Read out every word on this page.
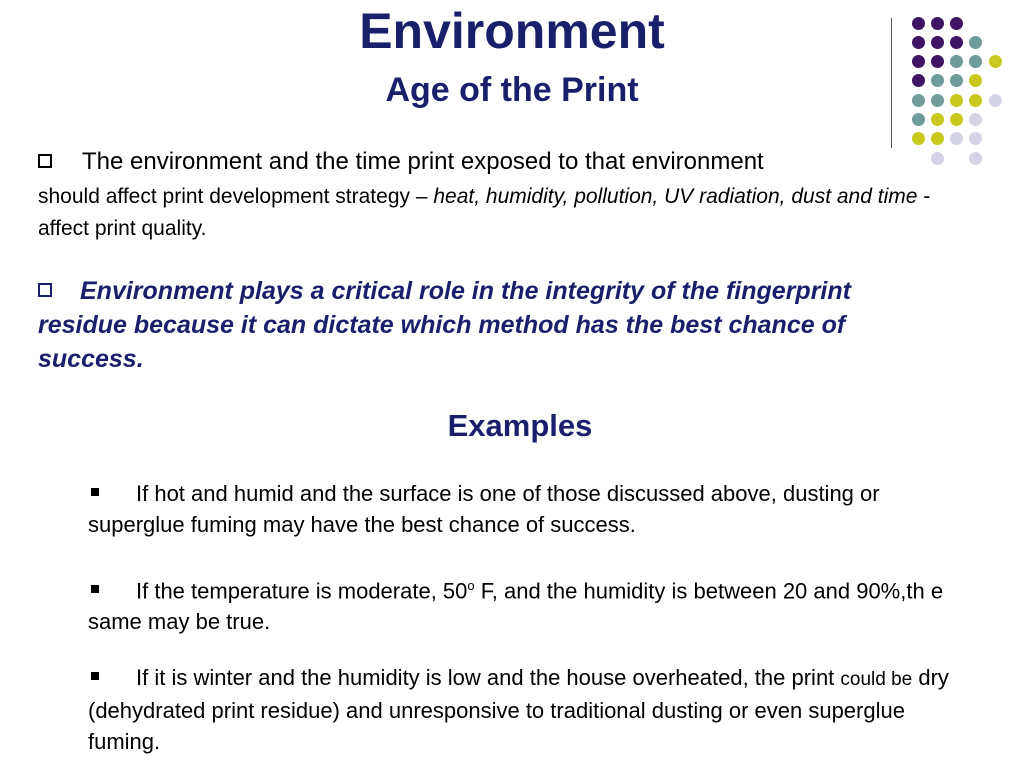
Environment
Age of the Print
The environment and the time print exposed to that environment
should affect print development strategy – heat, humidity, pollution, UV radiation, dust and time - affect print quality.
Environment plays a critical role in the integrity of the fingerprint residue because it can dictate which method has the best chance of success.
Examples
If hot and humid and the surface is one of those discussed above, dusting or superglue fuming may have the best chance of success.
If the temperature is moderate, 50$^o$ F, and the humidity is between 20 and 90%,th e same may be true.
If it is winter and the humidity is low and the house overheated, the print could be dry (dehydrated print residue) and unresponsive to traditional dusting or even superglue fuming.
